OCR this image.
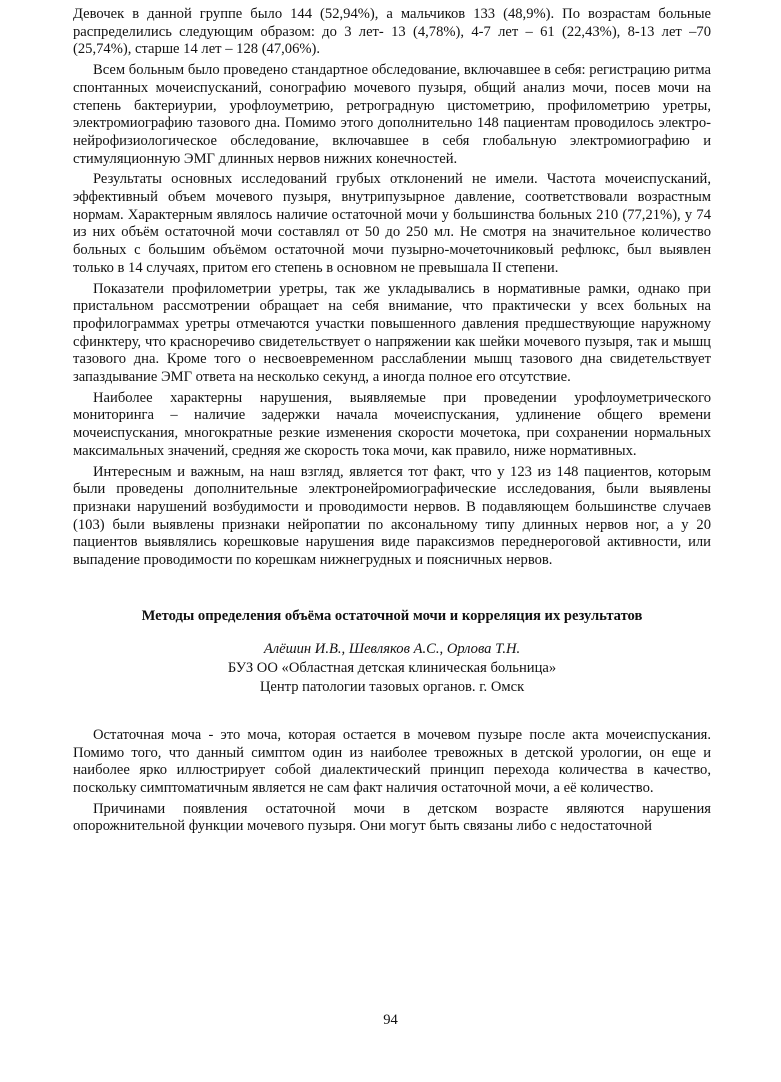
Девочек в данной группе было 144 (52,94%), а мальчиков 133 (48,9%). По возрастам больные распределились следующим образом: до 3 лет- 13 (4,78%), 4-7 лет – 61 (22,43%), 8-13 лет –70 (25,74%), старше 14 лет – 128 (47,06%).

Всем больным было проведено стандартное обследование, включавшее в себя: регистрацию ритма спонтанных мочеиспусканий, сонографию мочевого пузыря, общий анализ мочи, посев мочи на степень бактериурии, урофлоуметрию, ретроградную цистометрию, профилометрию уретры, электромиографию тазового дна. Помимо этого дополнительно 148 пациентам проводилось электро-нейрофизиологическое обследование, включавшее в себя глобальную электромиографию и стимуляционную ЭМГ длинных нервов нижних конечностей.

Результаты основных исследований грубых отклонений не имели. Частота мочеиспусканий, эффективный объем мочевого пузыря, внутрипузырное давление, соответствовали возрастным нормам. Характерным являлось наличие остаточной мочи у большинства больных 210 (77,21%), у 74 из них объём остаточной мочи составлял от 50 до 250 мл. Не смотря на значительное количество больных с большим объёмом остаточной мочи пузырно-мочеточниковый рефлюкс, был выявлен только в 14 случаях, притом его степень в основном не превышала II степени.

Показатели профилометрии уретры, так же укладывались в нормативные рамки, однако при пристальном рассмотрении обращает на себя внимание, что практически у всех больных на профилограммах уретры отмечаются участки повышенного давления предшествующие наружному сфинктеру, что красноречиво свидетельствует о напряжении как шейки мочевого пузыря, так и мышц тазового дна. Кроме того о несвоевременном расслаблении мышц тазового дна свидетельствует запаздывание ЭМГ ответа на несколько секунд, а иногда полное его отсутствие.

Наиболее характерны нарушения, выявляемые при проведении урофлоуметрического мониторинга – наличие задержки начала мочеиспускания, удлинение общего времени мочеиспускания, многократные резкие изменения скорости мочетока, при сохранении нормальных максимальных значений, средняя же скорость тока мочи, как правило, ниже нормативных.

Интересным и важным, на наш взгляд, является тот факт, что у 123 из 148 пациентов, которым были проведены дополнительные электронейромиографические исследования, были выявлены признаки нарушений возбудимости и проводимости нервов. В подавляющем большинстве случаев (103) были выявлены признаки нейропатии по аксональному типу длинных нервов ног, а у 20 пациентов выявлялись корешковые нарушения виде параксизмов переднероговой активности, или выпадение проводимости по корешкам нижнегрудных и поясничных нервов.

Методы определения объёма остаточной мочи и корреляция их результатов

Алёшин И.В., Шевляков А.С., Орлова Т.Н.

БУЗ ОО «Областная детская клиническая больница»

Центр патологии тазовых органов. г. Омск

Остаточная моча - это моча, которая остается в мочевом пузыре после акта мочеиспускания. Помимо того, что данный симптом один из наиболее тревожных в детской урологии, он еще и наиболее ярко иллюстрирует собой диалектический принцип перехода количества в качество, поскольку симптоматичным является не сам факт наличия остаточной мочи, а её количество.

Причинами появления остаточной мочи в детском возрасте являются нарушения опорожнительной функции мочевого пузыря. Они могут быть связаны либо с недостаточной

94
